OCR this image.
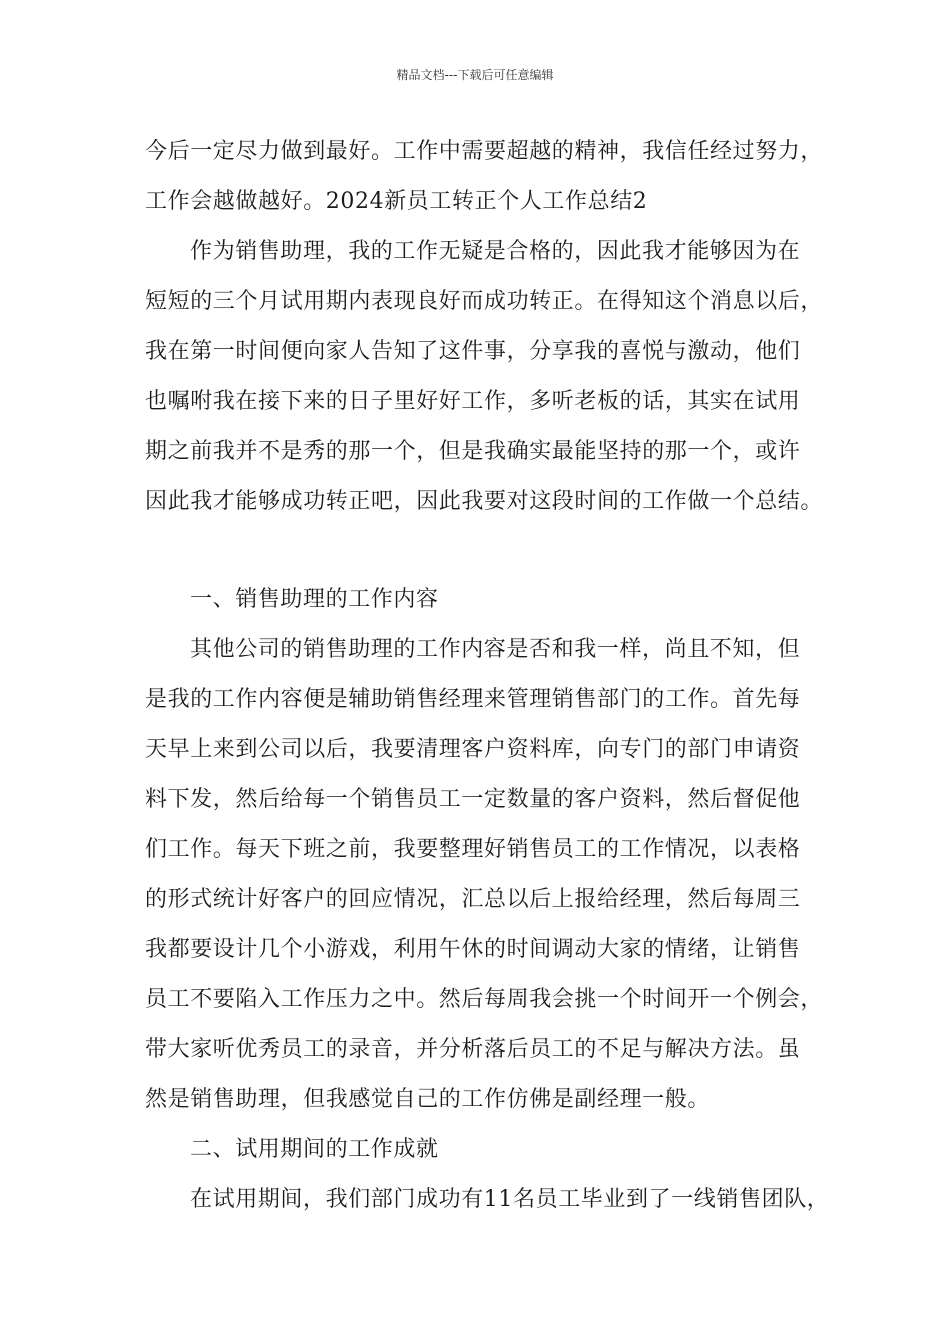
精品文档---下载后可任意编辑
今后一定尽力做到最好。工作中需要超越的精神，我信任经过努力，
工作会越做越好。2024新员工转正个人工作总结2
作为销售助理，我的工作无疑是合格的，因此我才能够因为在
短短的三个月试用期内表现良好而成功转正。在得知这个消息以后，
我在第一时间便向家人告知了这件事，分享我的喜悦与激动，他们
也嘱咐我在接下来的日子里好好工作，多听老板的话，其实在试用
期之前我并不是秀的那一个，但是我确实最能坚持的那一个，或许
因此我才能够成功转正吧，因此我要对这段时间的工作做一个总结。
一、销售助理的工作内容
其他公司的销售助理的工作内容是否和我一样，尚且不知，但
是我的工作内容便是辅助销售经理来管理销售部门的工作。首先每
天早上来到公司以后，我要清理客户资料库，向专门的部门申请资
料下发，然后给每一个销售员工一定数量的客户资料，然后督促他
们工作。每天下班之前，我要整理好销售员工的工作情况，以表格
的形式统计好客户的回应情况，汇总以后上报给经理，然后每周三
我都要设计几个小游戏，利用午休的时间调动大家的情绪，让销售
员工不要陷入工作压力之中。然后每周我会挑一个时间开一个例会，
带大家听优秀员工的录音，并分析落后员工的不足与解决方法。虽
然是销售助理，但我感觉自己的工作仿佛是副经理一般。
二、试用期间的工作成就
在试用期间，我们部门成功有11名员工毕业到了一线销售团队，
